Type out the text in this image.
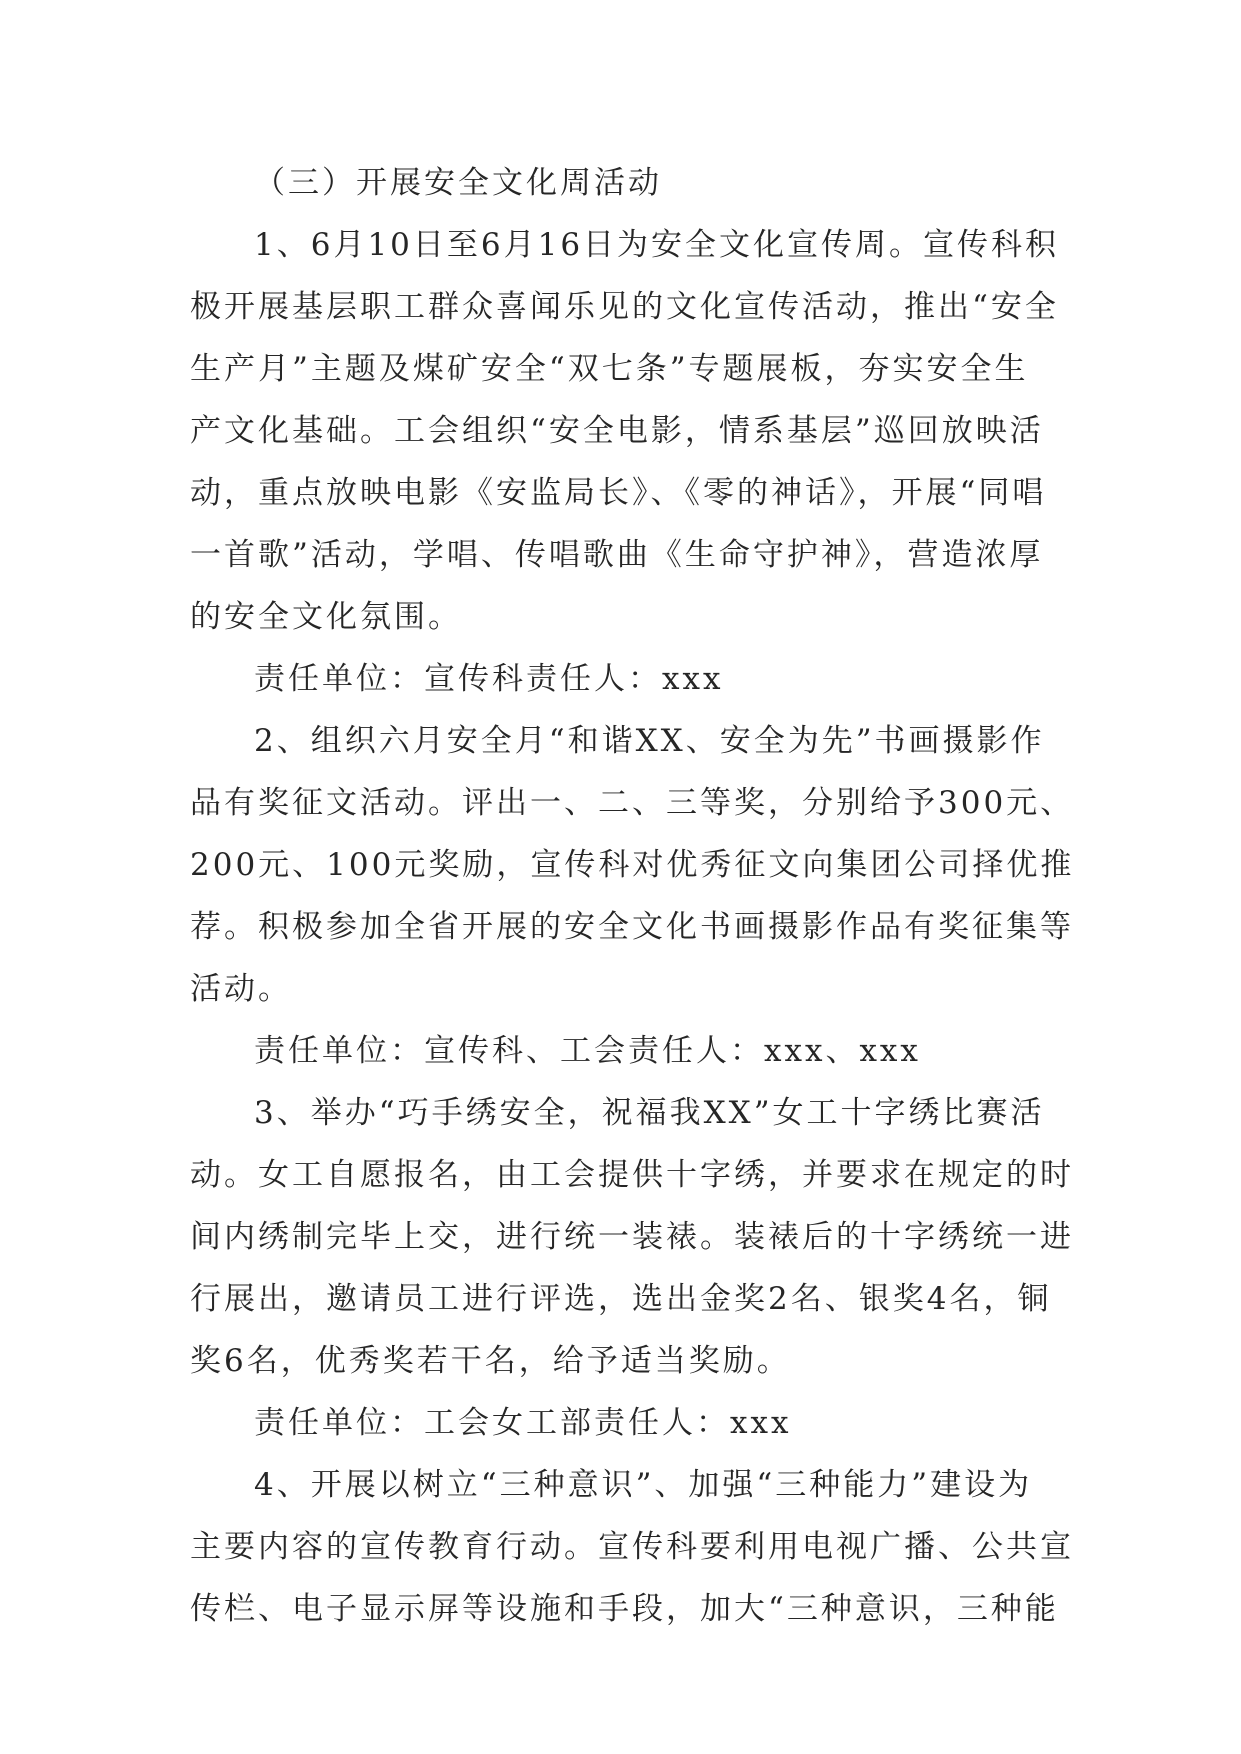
（三）开展安全文化周活动
1、6月10日至6月16日为安全文化宣传周。宣传科积
极开展基层职工群众喜闻乐见的文化宣传活动，推出“安全
生产月”主题及煤矿安全“双七条”专题展板，夯实安全生
产文化基础。工会组织“安全电影，情系基层”巡回放映活
动，重点放映电影《安监局长》、《零的神话》，开展“同唱
一首歌”活动，学唱、传唱歌曲《生命守护神》，营造浓厚
的安全文化氛围。
责任单位：宣传科责任人：xxx
2、组织六月安全月“和谐XX、安全为先”书画摄影作
品有奖征文活动。评出一、二、三等奖，分别给予300元、
200元、100元奖励，宣传科对优秀征文向集团公司择优推
荐。积极参加全省开展的安全文化书画摄影作品有奖征集等
活动。
责任单位：宣传科、工会责任人：xxx、xxx
3、举办“巧手绣安全，祝福我XX”女工十字绣比赛活
动。女工自愿报名，由工会提供十字绣，并要求在规定的时
间内绣制完毕上交，进行统一装裱。装裱后的十字绣统一进
行展出，邀请员工进行评选，选出金奖2名、银奖4名，铜
奖6名，优秀奖若干名，给予适当奖励。
责任单位：工会女工部责任人：xxx
4、开展以树立“三种意识”、加强“三种能力”建设为
主要内容的宣传教育行动。宣传科要利用电视广播、公共宣
传栏、电子显示屏等设施和手段，加大“三种意识，三种能
